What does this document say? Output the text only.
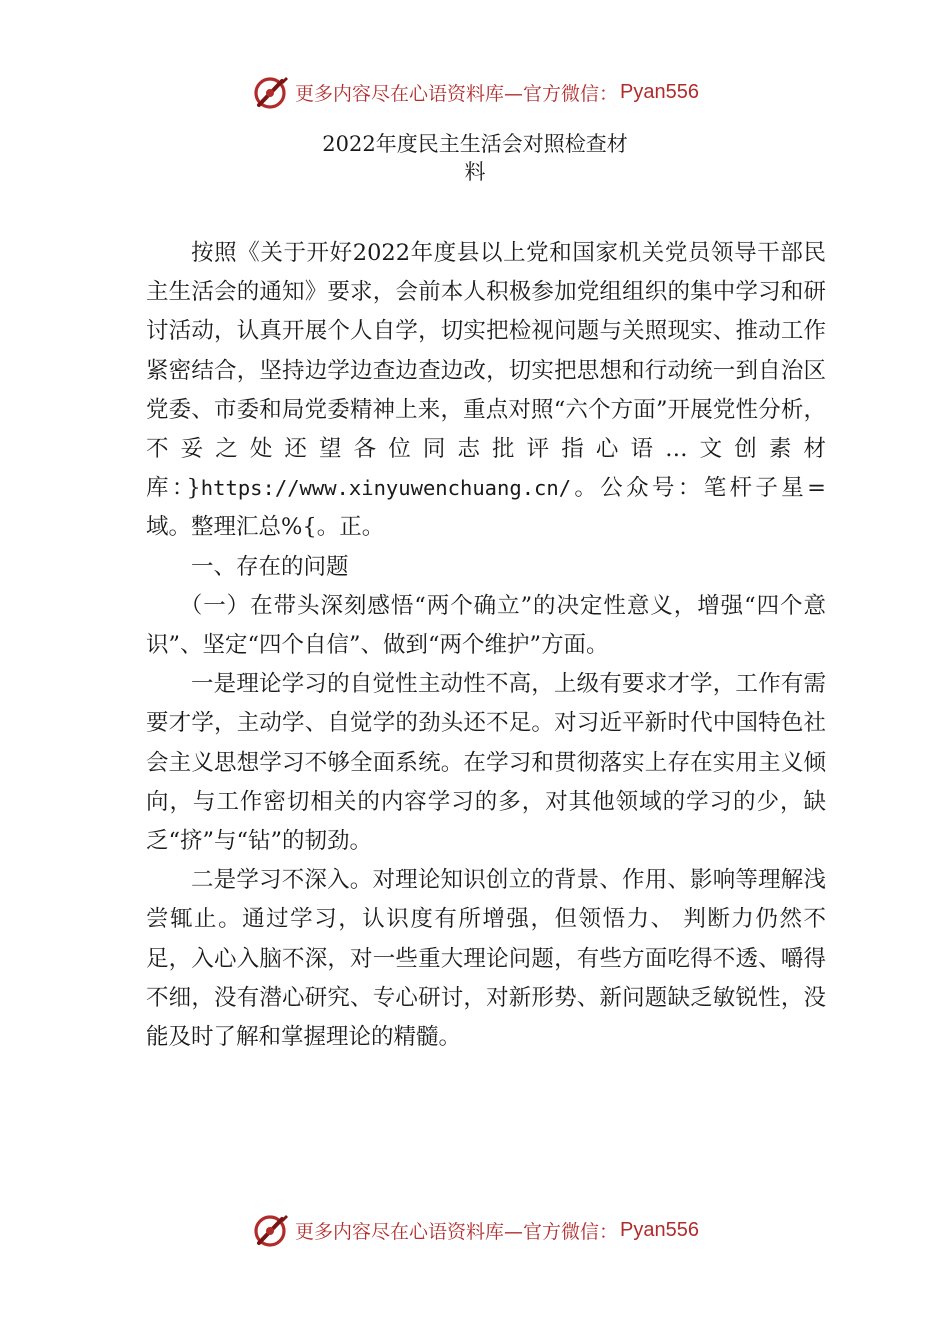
更多内容尽在心语资料库—官方微信： Pyan556
2022年度民主生活会对照检查材
料

按照《关于开好2022年度县以上党和国家机关党员领导干部民主生活会的通知》要求，会前本人积极参加党组组织的集中学习和研讨活动，认真开展个人自学，切实把检视问题与关照现实、推动工作紧密结合，坚持边学边查边查边改，切实把思想和行动统一到自治区党委、市委和局党委精神上来，重点对照“六个方面”开展党性分析，不妥之处还望各位同志批评指心语…文创素材库：}https://www.xinyuwenchuang.cn/。公众号：笔杆子星=域。整理汇总%{。正。

一、存在的问题

（一）在带头深刻感悟“两个确立”的决定性意义，增强“四个意识”、坚定“四个自信”、做到“两个维护”方面。

一是理论学习的自觉性主动性不高，上级有要求才学，工作有需要才学，主动学、自觉学的劲头还不足。对习近平新时代中国特色社会主义思想学习不够全面系统。在学习和贯彻落实上存在实用主义倾向，与工作密切相关的内容学习的多，对其他领域的学习的少，缺乏“挤”与“钻”的韧劲。

二是学习不深入。对理论知识创立的背景、作用、影响等理解浅尝辄止。通过学习，认识度有所增强，但领悟力、 判断力仍然不足，入心入脑不深，对一些重大理论问题，有些方面吃得不透、嚼得不细，没有潜心研究、专心研讨，对新形势、新问题缺乏敏锐性，没能及时了解和掌握理论的精髓。

更多内容尽在心语资料库—官方微信： Pyan556
